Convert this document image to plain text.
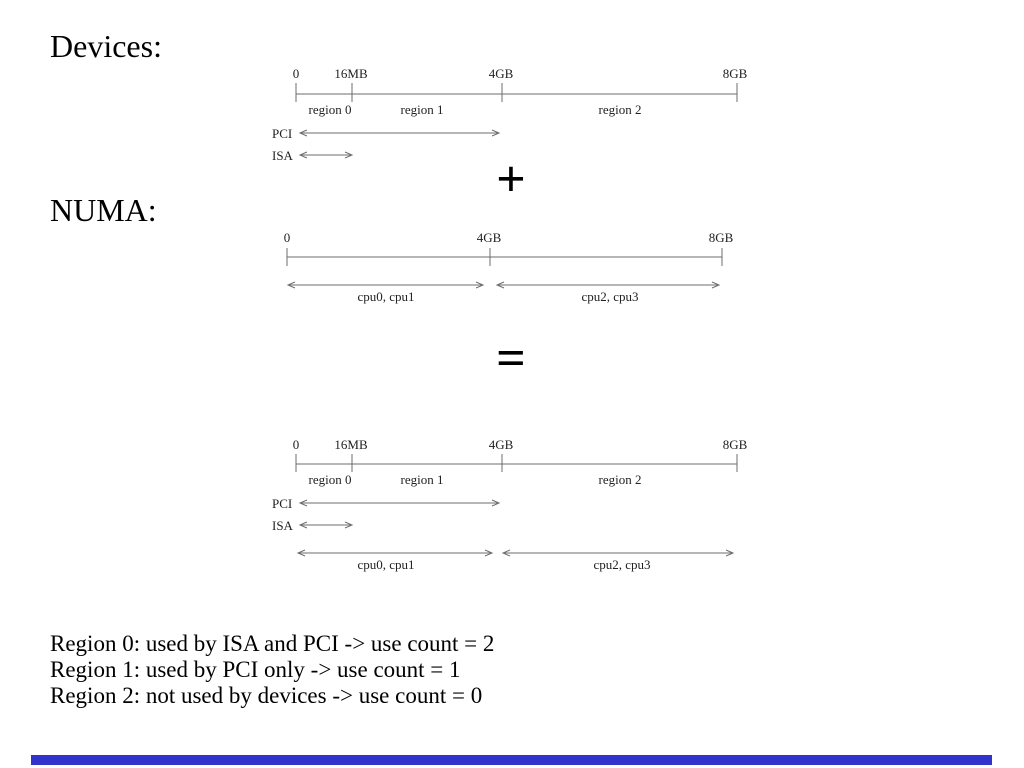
Devices:
NUMA:
+
=
0	16MB	4GB	8GB
region 0	region 1	region 2
PCI
ISA
0	4GB	8GB
cpu0, cpu1	cpu2, cpu3
0	16MB	4GB	8GB
region 0	region 1	region 2
PCI
ISA
cpu0, cpu1	cpu2, cpu3
Region 0: used by ISA and PCI -> use count = 2
Region 1: used by PCI only -> use count = 1
Region 2: not used by devices -> use count = 0
